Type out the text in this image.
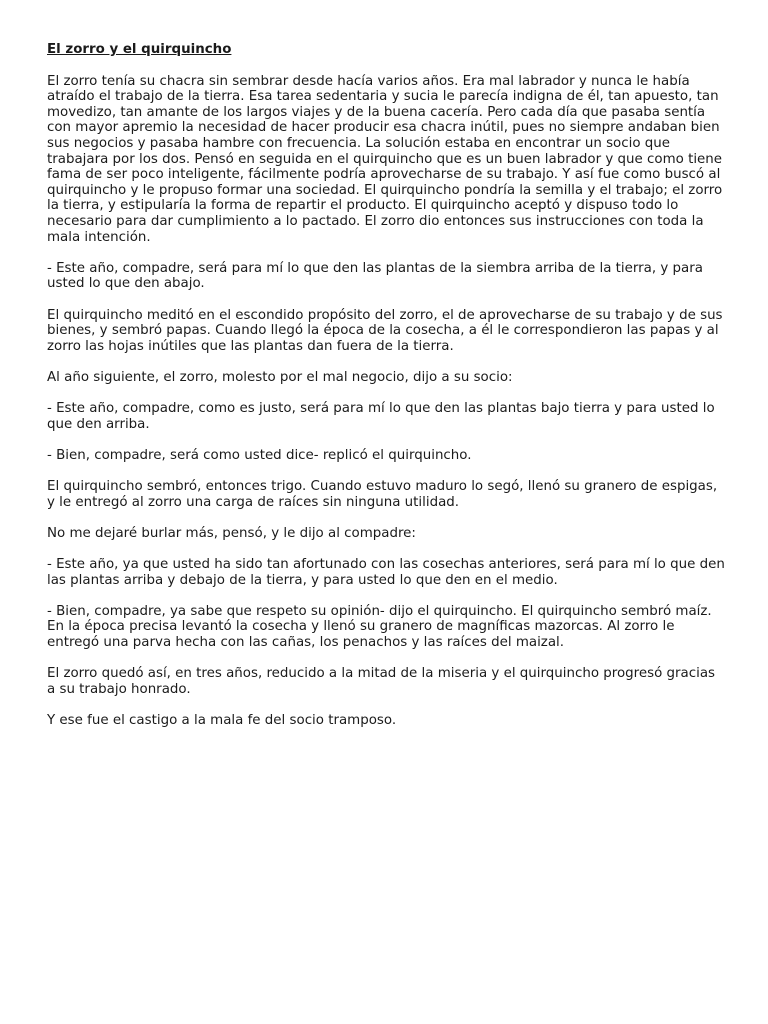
El zorro y el quirquincho
El zorro tenía su chacra sin sembrar desde hacía varios años. Era mal labrador y nunca le había atraído el trabajo de la tierra. Esa tarea sedentaria y sucia le parecía indigna de él, tan apuesto, tan movedizo, tan amante de los largos viajes y de la buena cacería. Pero cada día que pasaba sentía con mayor apremio la necesidad de hacer producir esa chacra inútil, pues no siempre andaban bien sus negocios y pasaba hambre con frecuencia. La solución estaba en encontrar un socio que trabajara por los dos. Pensó en seguida en el quirquincho que es un buen labrador y que como tiene fama de ser poco inteligente, fácilmente podría aprovecharse de su trabajo. Y así fue como buscó al quirquincho y le propuso formar una sociedad. El quirquincho pondría la semilla y el trabajo; el zorro la tierra, y estipularía la forma de repartir el producto. El quirquincho aceptó y dispuso todo lo necesario para dar cumplimiento a lo pactado. El zorro dio entonces sus instrucciones con toda la mala intención.
- Este año, compadre, será para mí lo que den las plantas de la siembra arriba de la tierra, y para usted lo que den abajo.
El quirquincho meditó en el escondido propósito del zorro, el de aprovecharse de su trabajo y de sus bienes, y sembró papas. Cuando llegó la época de la cosecha, a él le correspondieron las papas y al zorro las hojas inútiles que las plantas dan fuera de la tierra.
Al año siguiente, el zorro, molesto por el mal negocio, dijo a su socio:
- Este año, compadre, como es justo, será para mí lo que den las plantas bajo tierra y para usted lo que den arriba.
- Bien, compadre, será como usted dice- replicó el quirquincho.
El quirquincho sembró, entonces trigo. Cuando estuvo maduro lo segó, llenó su granero de espigas, y le entregó al zorro una carga de raíces sin ninguna utilidad.
No me dejaré burlar más, pensó, y le dijo al compadre:
- Este año, ya que usted ha sido tan afortunado con las cosechas anteriores, será para mí lo que den las plantas arriba y debajo de la tierra, y para usted lo que den en el medio.
- Bien, compadre, ya sabe que respeto su opinión- dijo el quirquincho. El quirquincho sembró maíz. En la época precisa levantó la cosecha y llenó su granero de magníficas mazorcas. Al zorro le entregó una parva hecha con las cañas, los penachos y las raíces del maizal.
El zorro quedó así, en tres años, reducido a la mitad de la miseria y el quirquincho progresó gracias a su trabajo honrado.
Y ese fue el castigo a la mala fe del socio tramposo.
